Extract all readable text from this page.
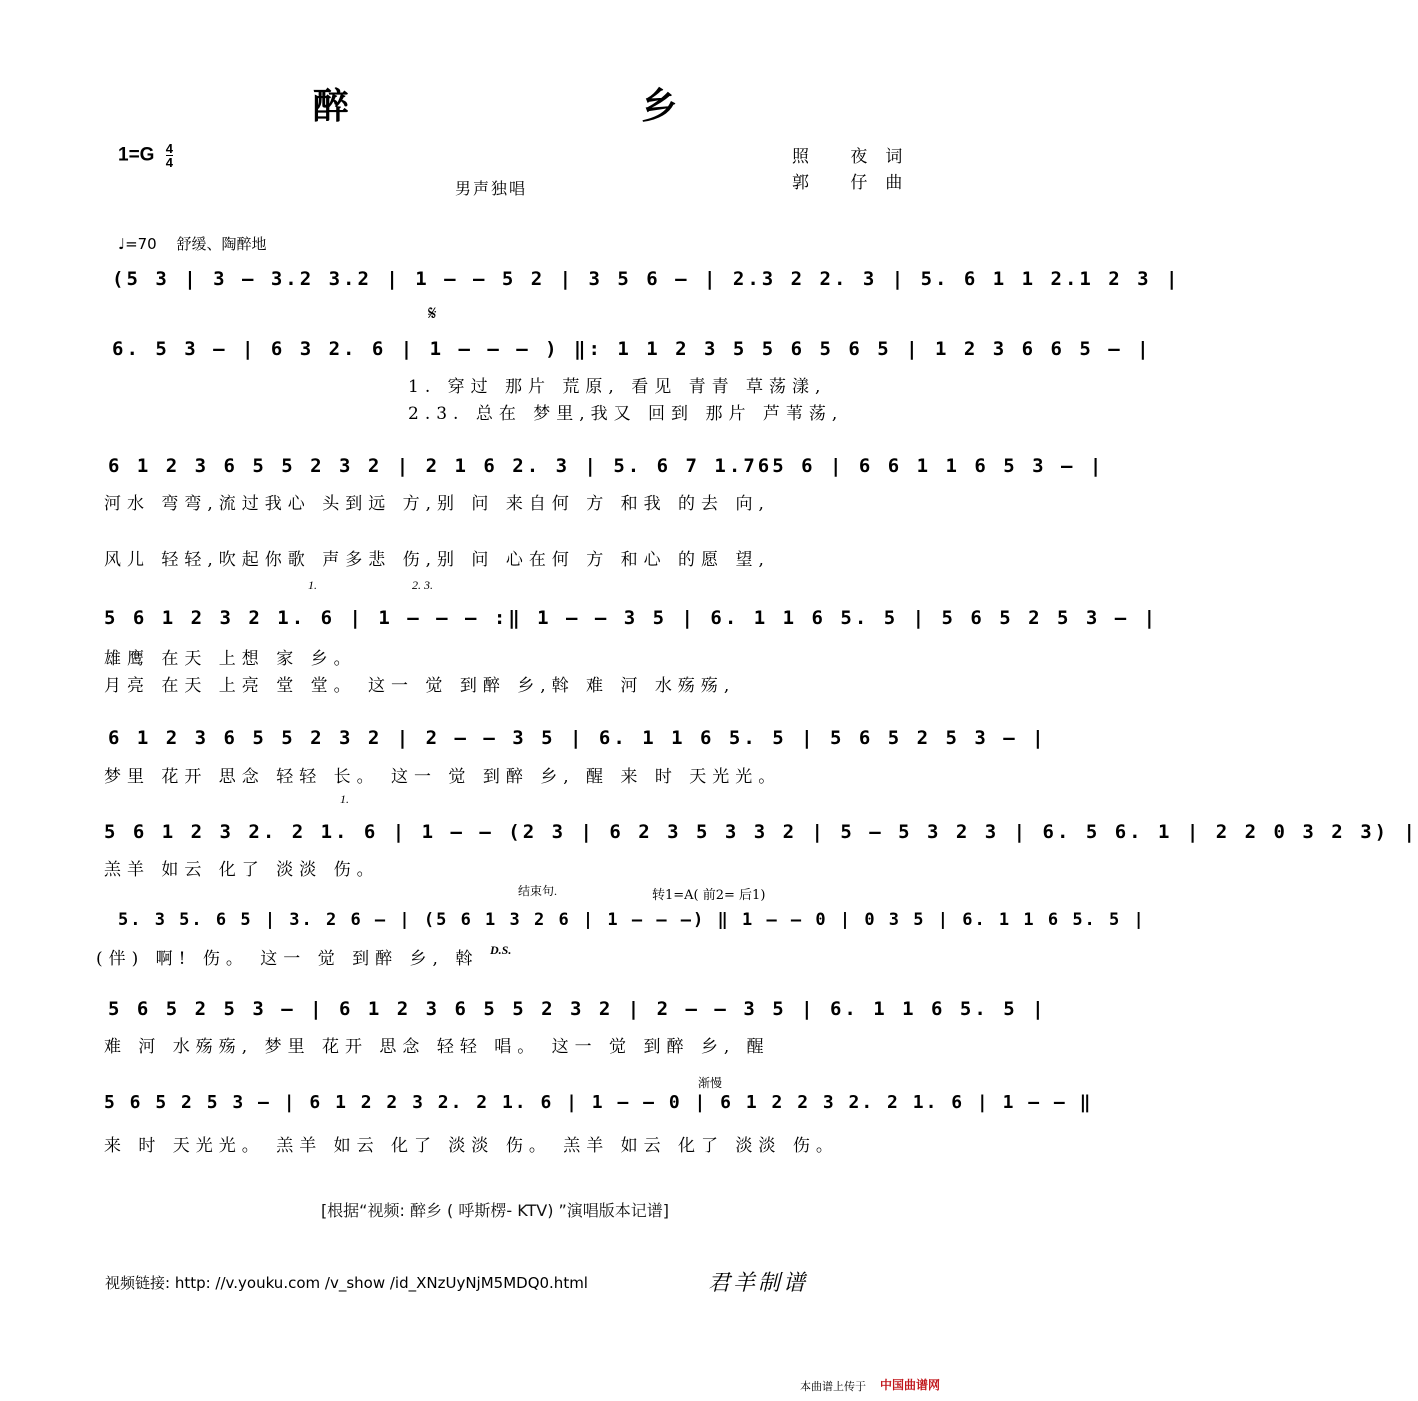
醉 乡
$1=G \frac{4}{4}$	照 夜词
郭 仔曲
男声独唱
♩=70　 舒缓、陶醉地
𝄋
(5 3 | 3 – 3.2 3.2 | 1 – – 5 2 | 3 5 6 – | 2.3 2 2. 3 | 5. 6 1 1 2.1 2 3 |
6. 5 3 – | 6 3 2. 6 | 1 – – – ) ‖: 1 1 2 3 5 5 6 5 6 5 | 1 2 3 6 6 5 – |
1. 穿过 那片 荒原, 看见 青青 草荡漾,
2.3. 总在 梦里,我又 回到 那片 芦苇荡,
6 1 2 3 6 5 5 2 3 2 | 2 1 6 2. 3 | 5. 6 7 1.765 6 | 6 6 1 1 6 5 3 – |
河水 弯弯,流过我心 头到远 方,别 问 来自何 方 和我 的去 向,
风儿 轻轻,吹起你歌 声多悲 伤,别 问 心在何 方 和心 的愿 望,
1.	2. 3.
5 6 1 2 3 2 1. 6 | 1 – – – :‖ 1 – – 3 5 | 6. 1 1 6 5. 5 | 5 6 5 2 5 3 – |
雄鹰 在天 上想 家 乡。
月亮 在天 上亮 堂 堂。 这一 觉 到醉 乡,斡 难 河 水殇殇,
6 1 2 3 6 5 5 2 3 2 | 2 – – 3 5 | 6. 1 1 6 5. 5 | 5 6 5 2 5 3 – |
梦里 花开 思念 轻轻 长。 这一 觉 到醉 乡, 醒 来 时 天光光。
1.
5 6 1 2 3 2. 2 1. 6 | 1 – – (2 3 | 6 2 3 5 3 3 2 | 5 – 5 3 2 3 | 6. 5 6. 1 | 2 2 0 3 2 3) |
羔羊 如云 化了 淡淡 伤。
结束句.	转1=A( 前2= 后1)
5. 3 5. 6 5 | 3. 2 6 – | (5 6 1 3 2 6 | 1 – – –) ‖ 1 – – 0 | 0 3 5 | 6. 1 1 6 5. 5 |
D.S.
(伴) 啊! 伤。 这一 觉 到醉 乡, 斡
5 6 5 2 5 3 – | 6 1 2 3 6 5 5 2 3 2 | 2 – – 3 5 | 6. 1 1 6 5. 5 |
难 河 水殇殇, 梦里 花开 思念 轻轻 唱。 这一 觉 到醉 乡, 醒
渐慢
5 6 5 2 5 3 – | 6 1 2 2 3 2. 2 1. 6 | 1 – – 0 | 6 1 2 2 3 2. 2 1. 6 | 1 – – ‖
来 时 天光光。 羔羊 如云 化了 淡淡 伤。 羔羊 如云 化了 淡淡 伤。
[根据“视频: 醉乡 ( 呼斯楞- KTV) ”演唱版本记谱]
视频链接: http: //v.youku.com /v_show /id_XNzUyNjM5MDQ0.html	君羊制谱
本曲谱上传于 中国曲谱网
